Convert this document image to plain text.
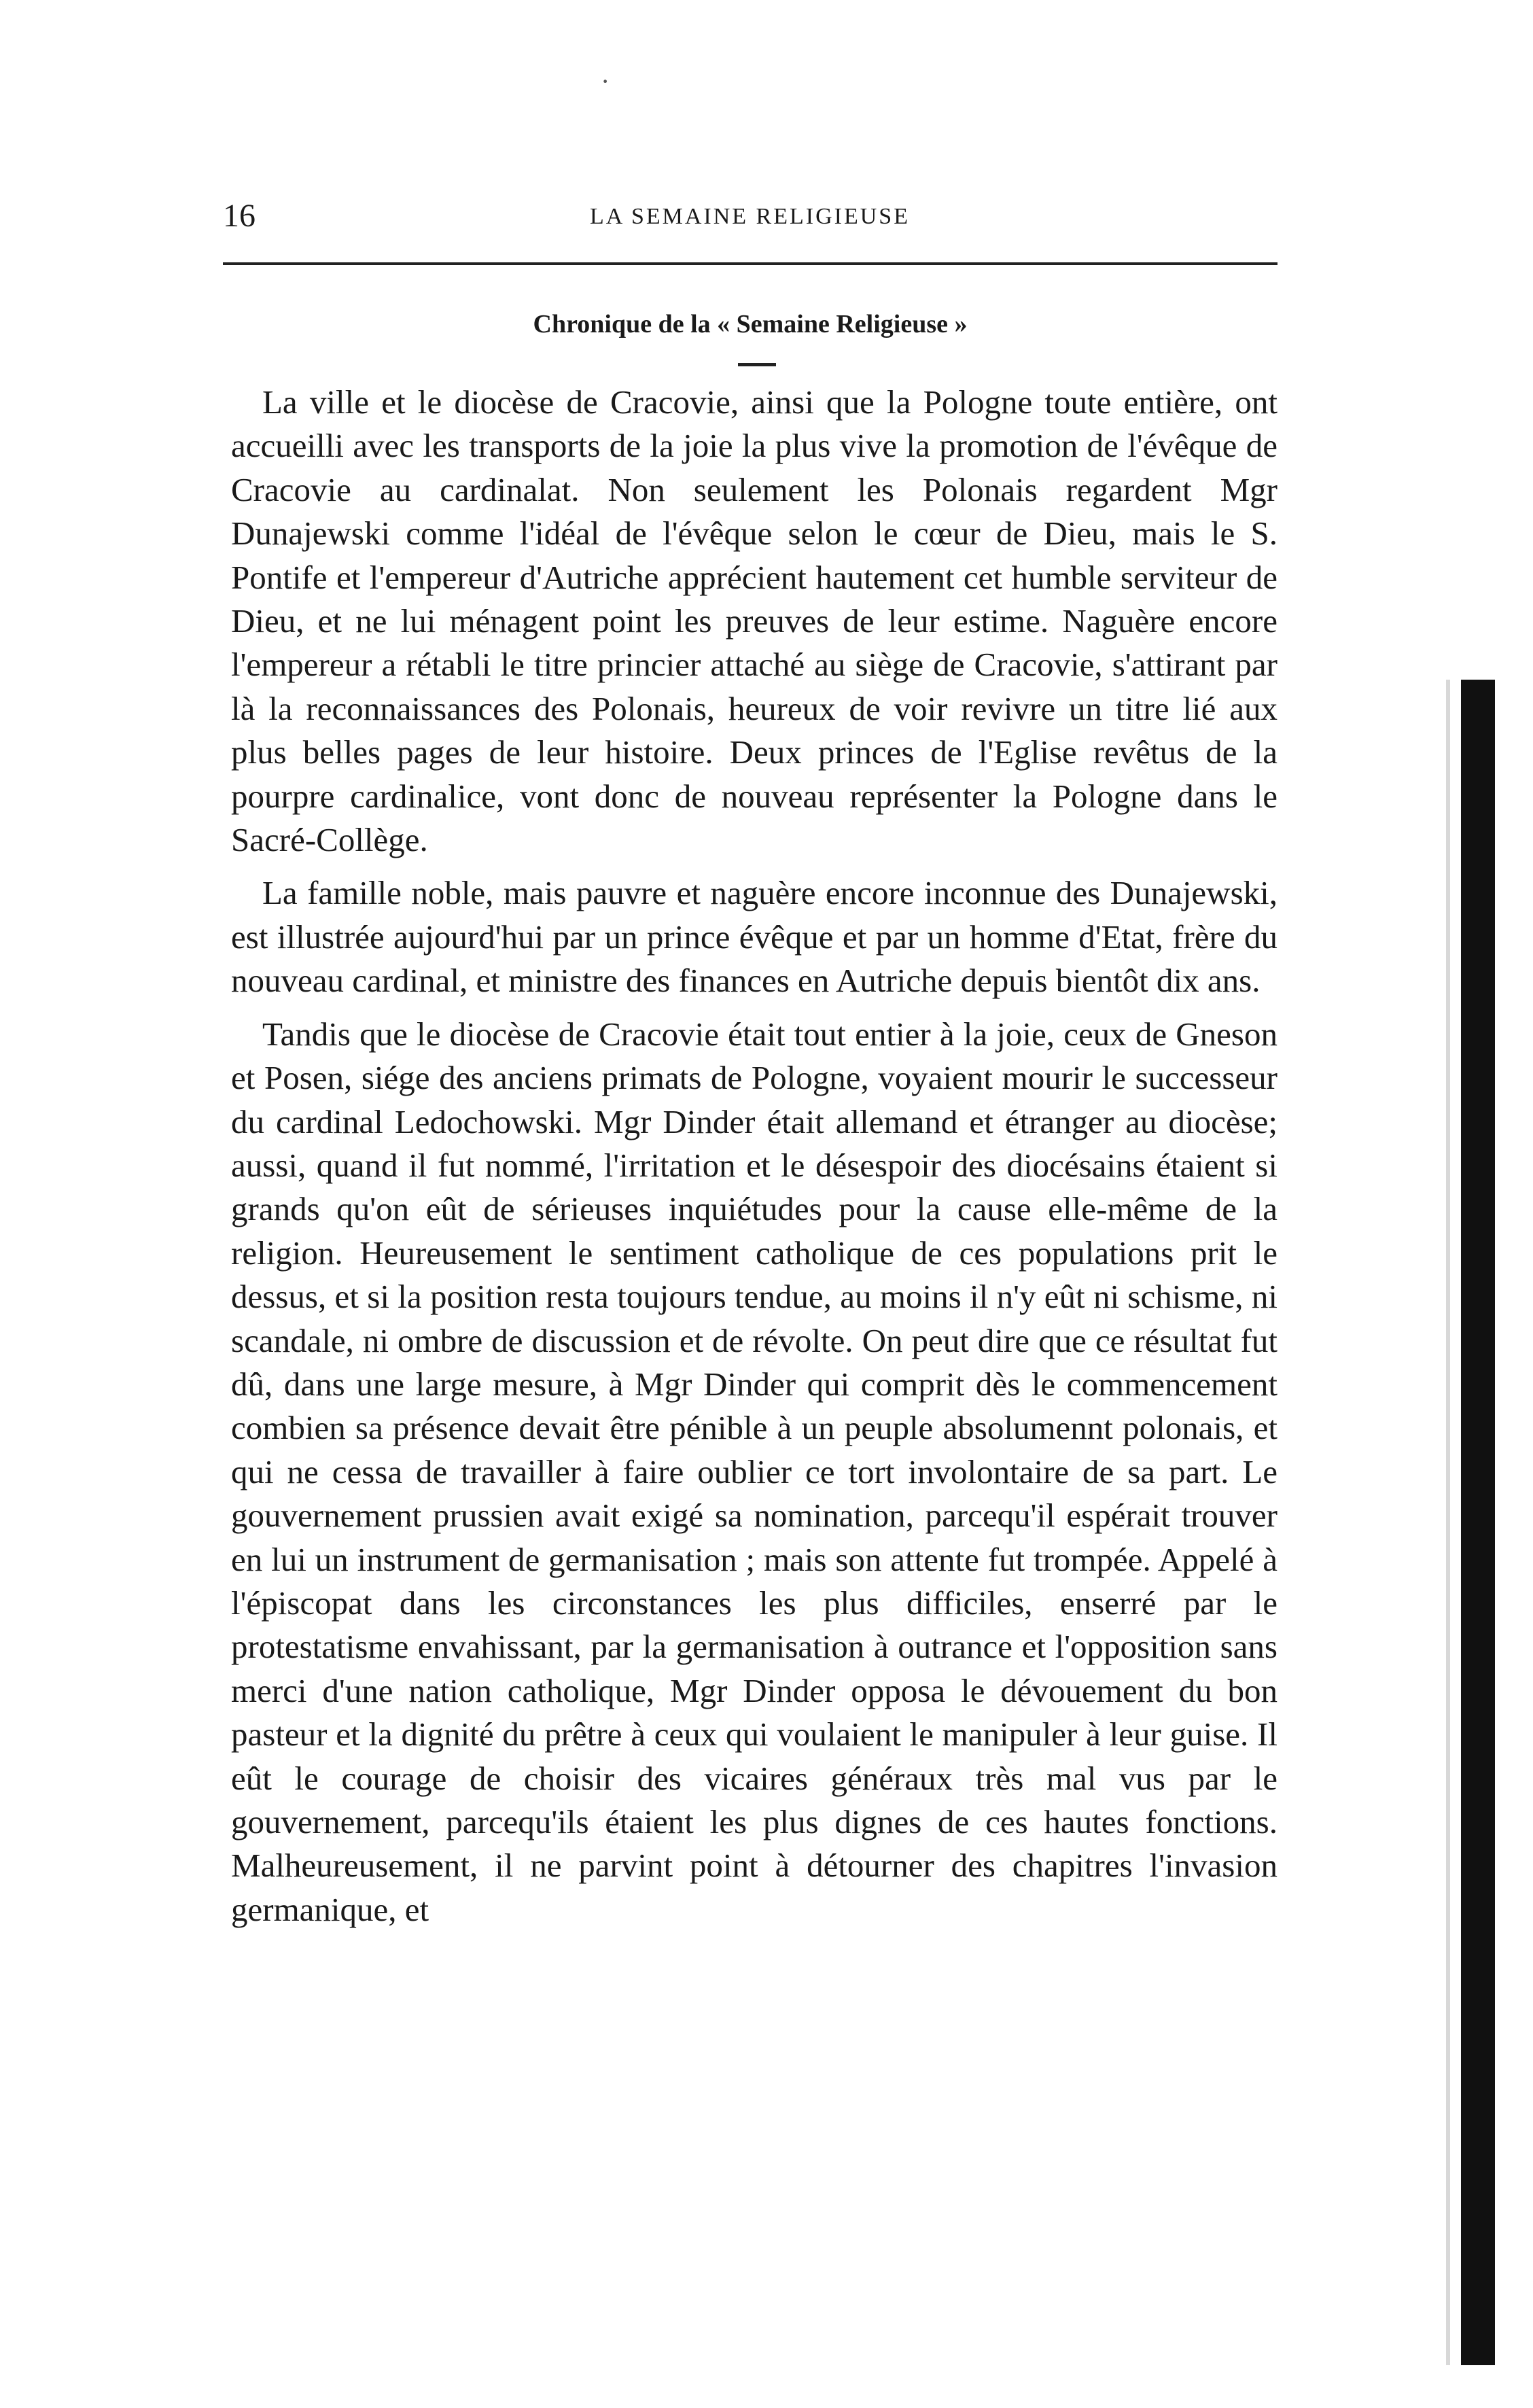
·
16	LA SEMAINE RELIGIEUSE
Chronique de la « Semaine Religieuse »

La ville et le diocèse de Cracovie, ainsi que la Pologne toute entière, ont accueilli avec les transports de la joie la plus vive la promotion de l'évêque de Cracovie au cardinalat. Non seulement les Polonais regardent Mgr Dunajewski comme l'idéal de l'évêque selon le cœur de Dieu, mais le S. Pontife et l'empereur d'Autriche apprécient hautement cet humble serviteur de Dieu, et ne lui ménagent point les preuves de leur estime. Naguère encore l'empereur a rétabli le titre princier attaché au siège de Cracovie, s'attirant par là la reconnaissances des Polonais, heureux de voir revivre un titre lié aux plus belles pages de leur histoire. Deux princes de l'Eglise revêtus de la pourpre cardinalice, vont donc de nouveau représenter la Pologne dans le Sacré-Collège.

La famille noble, mais pauvre et naguère encore inconnue des Dunajewski, est illustrée aujourd'hui par un prince évêque et par un homme d'Etat, frère du nouveau cardinal, et ministre des finances en Autriche depuis bientôt dix ans.

Tandis que le diocèse de Cracovie était tout entier à la joie, ceux de Gneson et Posen, siége des anciens primats de Pologne, voyaient mourir le successeur du cardinal Ledochowski. Mgr Dinder était allemand et étranger au diocèse; aussi, quand il fut nommé, l'irritation et le désespoir des diocésains étaient si grands qu'on eût de sérieuses inquiétudes pour la cause elle-même de la religion. Heureusement le sentiment catholique de ces populations prit le dessus, et si la position resta toujours tendue, au moins il n'y eût ni schisme, ni scandale, ni ombre de discussion et de révolte. On peut dire que ce résultat fut dû, dans une large mesure, à Mgr Dinder qui comprit dès le commencement combien sa présence devait être pénible à un peuple absolumennt polonais, et qui ne cessa de travailler à faire oublier ce tort involontaire de sa part. Le gouvernement prussien avait exigé sa nomination, parcequ'il espérait trouver en lui un instrument de germanisation ; mais son attente fut trompée. Appelé à l'épiscopat dans les circonstances les plus difficiles, enserré par le protestatisme envahissant, par la germanisation à outrance et l'opposition sans merci d'une nation catholique, Mgr Dinder opposa le dévouement du bon pasteur et la dignité du prêtre à ceux qui voulaient le manipuler à leur guise. Il eût le courage de choisir des vicaires généraux très mal vus par le gouvernement, parcequ'ils étaient les plus dignes de ces hautes fonctions. Malheureusement, il ne parvint point à détourner des chapitres l'invasion germanique, et
